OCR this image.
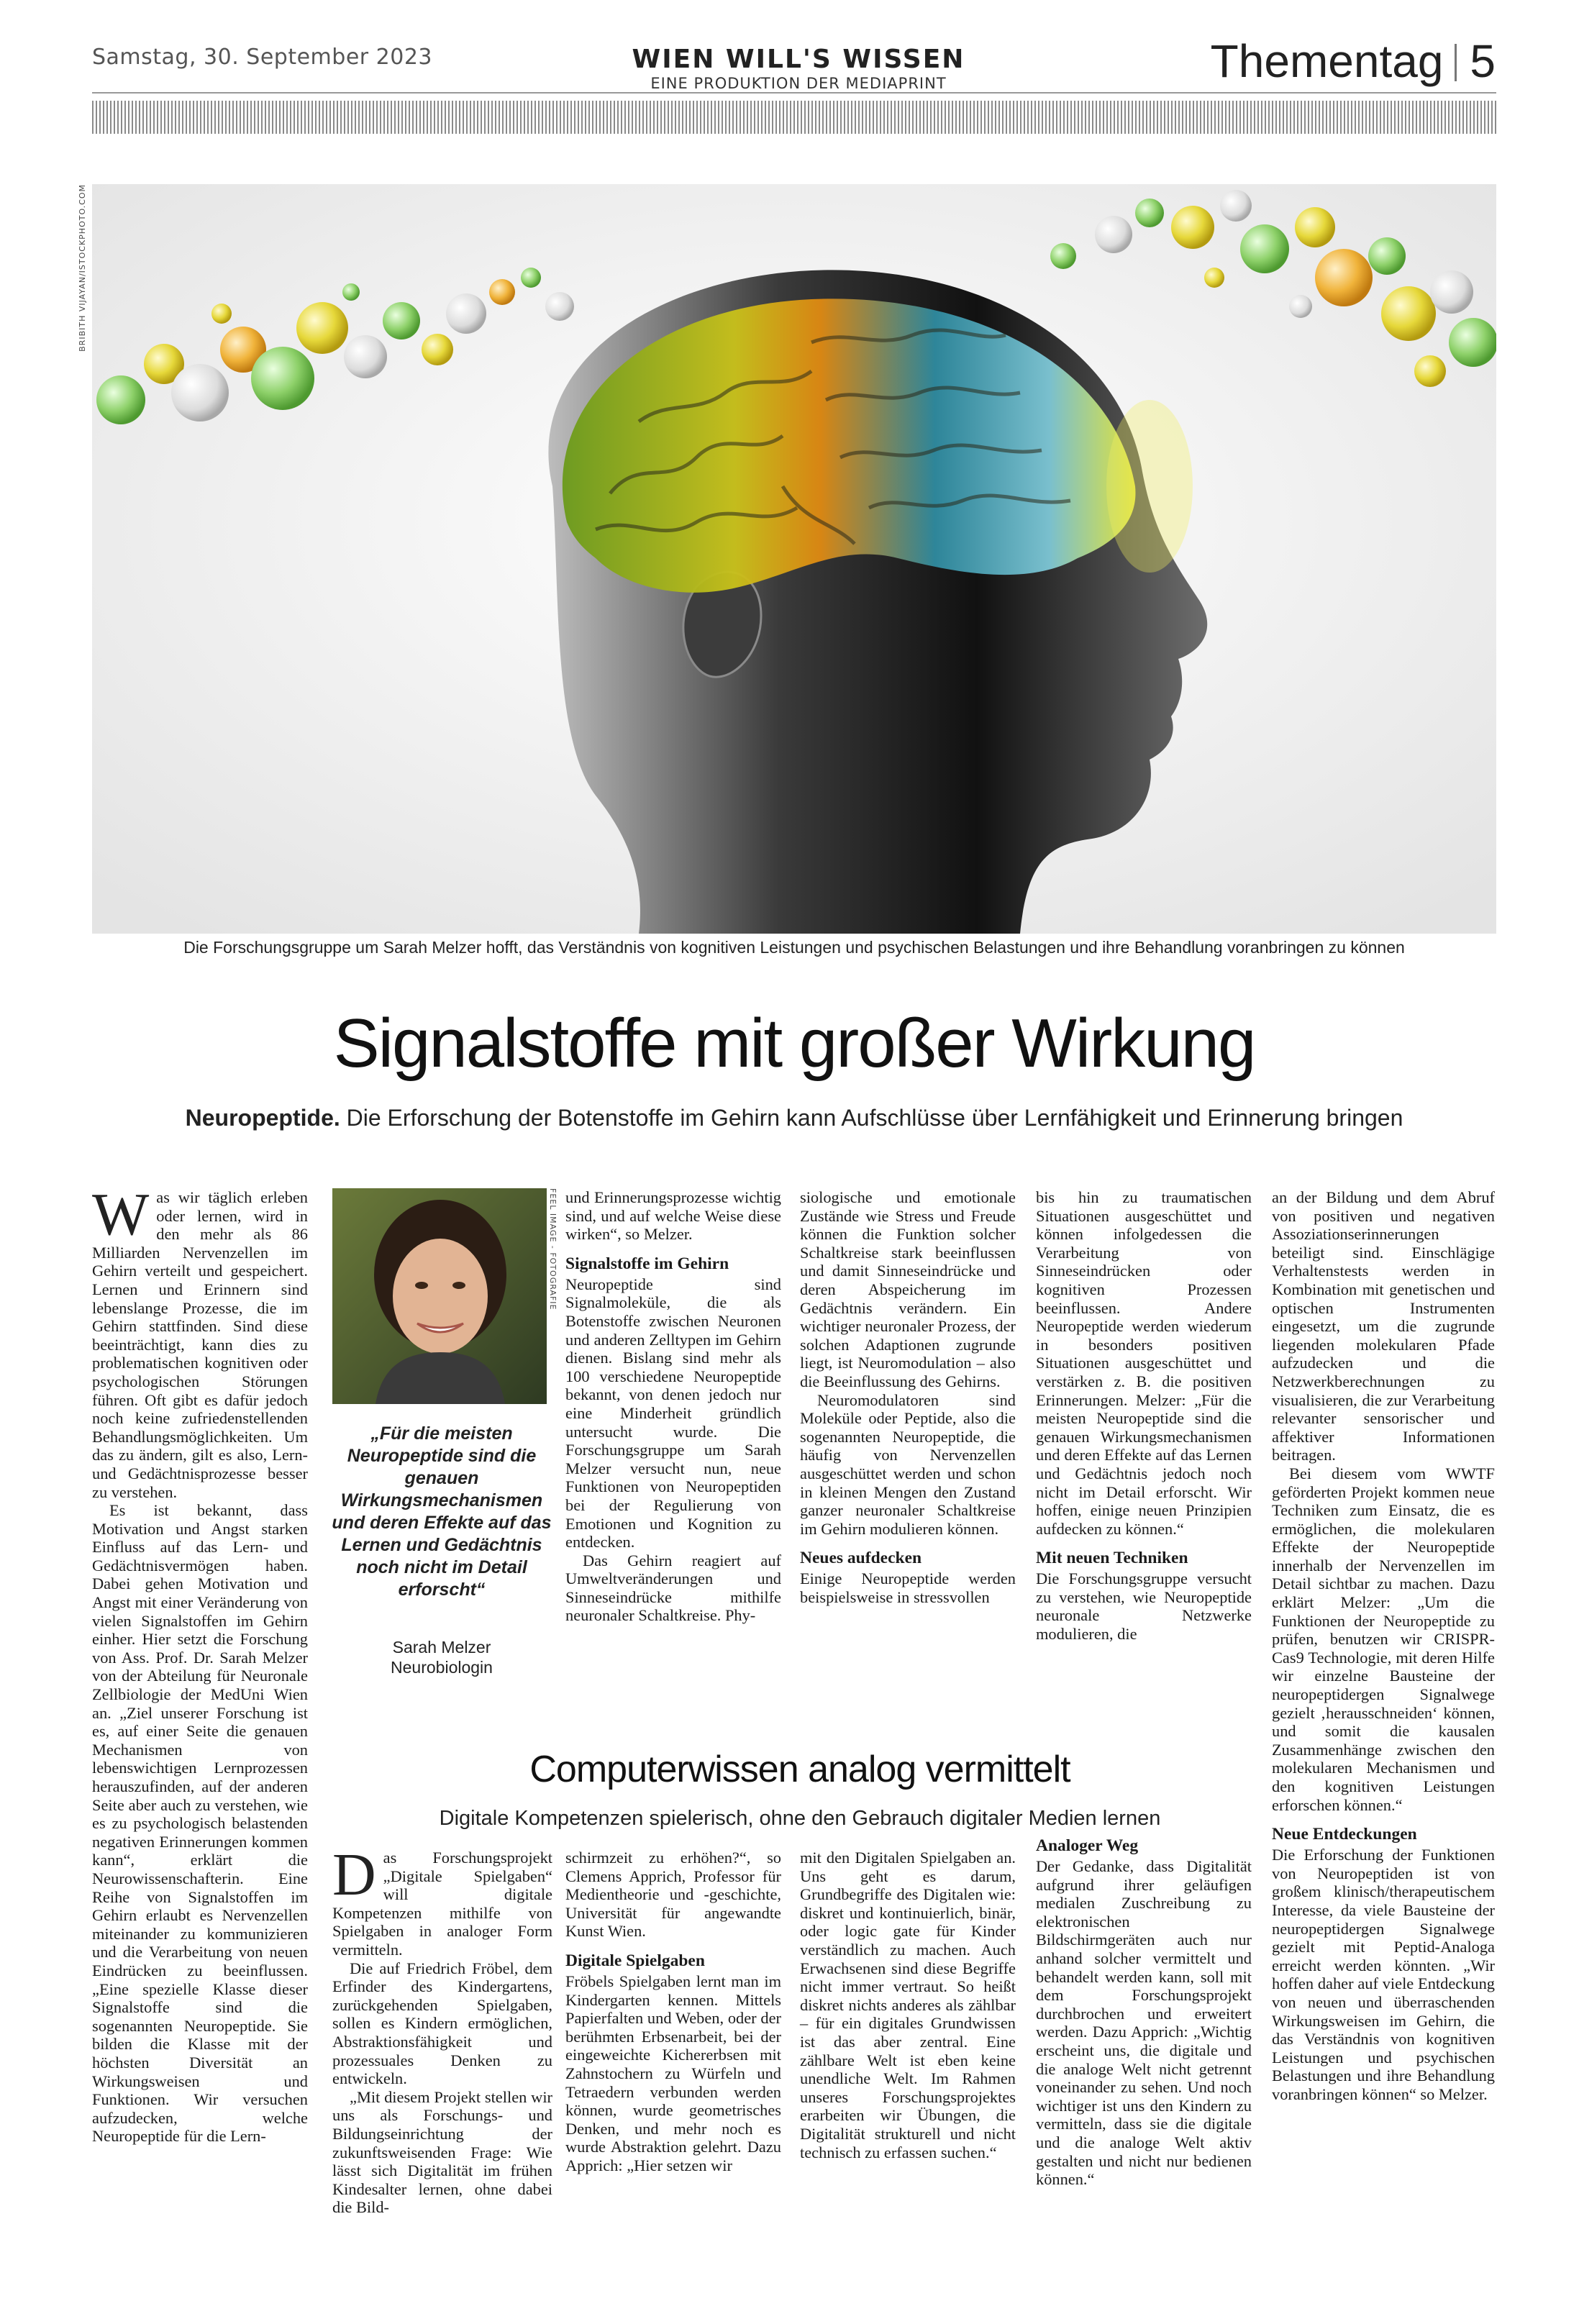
Samstag, 30. September 2023	WIEN WILL'S WISSEN
EINE PRODUKTION DER MEDIAPRINT	Thementag 5
BRIBITH VIJAYAN/ISTOCKPHOTO.COM
Die Forschungsgruppe um Sarah Melzer hofft, das Verständnis von kognitiven Leistungen und psychischen Belastungen und ihre Behandlung voranbringen zu können
Signalstoffe mit großer Wirkung
Neuropeptide. Die Erforschung der Botenstoffe im Gehirn kann Aufschlüsse über Lernfähigkeit und Erinnerung bringen

Was wir täglich erleben oder lernen, wird in den mehr als 86 Milliarden Nervenzellen im Gehirn verteilt und gespeichert. Lernen und Erinnern sind lebenslange Prozesse, die im Gehirn stattfinden. Sind diese beeinträchtigt, kann dies zu problematischen kognitiven oder psychologischen Störungen führen. Oft gibt es dafür jedoch noch keine zufriedenstellenden Behandlungsmöglichkeiten. Um das zu ändern, gilt es also, Lern- und Gedächtnisprozesse besser zu verstehen.

Es ist bekannt, dass Motivation und Angst starken Einfluss auf das Lern- und Gedächtnisvermögen haben. Dabei gehen Motivation und Angst mit einer Veränderung von vielen Signalstoffen im Gehirn einher. Hier setzt die Forschung von Ass. Prof. Dr. Sarah Melzer von der Abteilung für Neuronale Zellbiologie der MedUni Wien an. „Ziel unserer Forschung ist es, auf einer Seite die genauen Mechanismen von lebenswichtigen Lernprozessen herauszufinden, auf der anderen Seite aber auch zu verstehen, wie es zu psychologisch belastenden negativen Erinnerungen kommen kann“, erklärt die Neurowissenschafterin. Eine Reihe von Signalstoffen im Gehirn erlaubt es Nervenzellen miteinander zu kommunizieren und die Verarbeitung von neuen Eindrücken zu beeinflussen. „Eine spezielle Klasse dieser Signalstoffe sind die sogenannten Neuropeptide. Sie bilden die Klasse mit der höchsten Diversität an Wirkungsweisen und Funktionen. Wir versuchen aufzudecken, welche Neuropeptide für die Lern-

FEEL IMAGE - FOTOGRAFIE
„Für die meisten Neuropeptide sind die genauen Wirkungsmechanismen und deren Effekte auf das Lernen und Gedächtnis noch nicht im Detail erforscht“
Sarah Melzer
Neurobiologin

und Erinnerungsprozesse wichtig sind, und auf welche Weise diese wirken“, so Melzer.

Signalstoffe im Gehirn

Neuropeptide sind Signalmoleküle, die als Botenstoffe zwischen Neuronen und anderen Zelltypen im Gehirn dienen. Bislang sind mehr als 100 verschiedene Neuropeptide bekannt, von denen jedoch nur eine Minderheit gründlich untersucht wurde. Die Forschungsgruppe um Sarah Melzer versucht nun, neue Funktionen von Neuropeptiden bei der Regulierung von Emotionen und Kognition zu entdecken.

Das Gehirn reagiert auf Umweltveränderungen und Sinneseindrücke mithilfe neuronaler Schaltkreise. Phy-

siologische und emotionale Zustände wie Stress und Freude können die Funktion solcher Schaltkreise stark beeinflussen und damit Sinneseindrücke und deren Abspeicherung im Gedächtnis verändern. Ein wichtiger neuronaler Prozess, der solchen Adaptionen zugrunde liegt, ist Neuromodulation – also die Beeinflussung des Gehirns.

Neuromodulatoren sind Moleküle oder Peptide, also die sogenannten Neuropeptide, die häufig von Nervenzellen ausgeschüttet werden und schon in kleinen Mengen den Zustand ganzer neuronaler Schaltkreise im Gehirn modulieren können.

Neues aufdecken

Einige Neuropeptide werden beispielsweise in stressvollen

bis hin zu traumatischen Situationen ausgeschüttet und können infolgedessen die Verarbeitung von Sinneseindrücken oder kognitiven Prozessen beeinflussen. Andere Neuropeptide werden wiederum in besonders positiven Situationen ausgeschüttet und verstärken z. B. die positiven Erinnerungen. Melzer: „Für die meisten Neuropeptide sind die genauen Wirkungsmechanismen und deren Effekte auf das Lernen und Gedächtnis jedoch noch nicht im Detail erforscht. Wir hoffen, einige neuen Prinzipien aufdecken zu können.“

Mit neuen Techniken

Die Forschungsgruppe versucht zu verstehen, wie Neuropeptide neuronale Netzwerke modulieren, die

an der Bildung und dem Abruf von positiven und negativen Assoziationserinnerungen beteiligt sind. Einschlägige Verhaltenstests werden in Kombination mit genetischen und optischen Instrumenten eingesetzt, um die zugrunde liegenden molekularen Pfade aufzudecken und die Netzwerkberechnungen zu visualisieren, die zur Verarbeitung relevanter sensorischer und affektiver Informationen beitragen.

Bei diesem vom WWTF geförderten Projekt kommen neue Techniken zum Einsatz, die es ermöglichen, die molekularen Effekte der Neuropeptide innerhalb der Nervenzellen im Detail sichtbar zu machen. Dazu erklärt Melzer: „Um die Funktionen der Neuropeptide zu prüfen, benutzen wir CRISPR-Cas9 Technologie, mit deren Hilfe wir einzelne Bausteine der neuropeptidergen Signalwege gezielt ‚herausschneiden‘ können, und somit die kausalen Zusammenhänge zwischen den molekularen Mechanismen und den kognitiven Leistungen erforschen können.“

Neue Entdeckungen

Die Erforschung der Funktionen von Neuropeptiden ist von großem klinisch/therapeutischem Interesse, da viele Bausteine der neuropeptidergen Signalwege gezielt mit Peptid-Analoga erreicht werden könnten. „Wir hoffen daher auf viele Entdeckung von neuen und überraschenden Wirkungsweisen im Gehirn, die das Verständnis von kognitiven Leistungen und psychischen Belastungen und ihre Behandlung voranbringen können“ so Melzer.

Computerwissen analog vermittelt
Digitale Kompetenzen spielerisch, ohne den Gebrauch digitaler Medien lernen

Das Forschungsprojekt „Digitale Spielgaben“ will digitale Kompetenzen mithilfe von Spielgaben in analoger Form vermitteln.

Die auf Friedrich Fröbel, dem Erfinder des Kindergartens, zurückgehenden Spielgaben, sollen es Kindern ermöglichen, Abstraktionsfähigkeit und prozessuales Denken zu entwickeln.

„Mit diesem Projekt stellen wir uns als Forschungs- und Bildungseinrichtung der zukunftsweisenden Frage: Wie lässt sich Digitalität im frühen Kindesalter lernen, ohne dabei die Bild-

schirmzeit zu erhöhen?“, so Clemens Apprich, Professor für Medientheorie und -geschichte, Universität für angewandte Kunst Wien.

Digitale Spielgaben

Fröbels Spielgaben lernt man im Kindergarten kennen. Mittels Papierfalten und Weben, oder der berühmten Erbsenarbeit, bei der eingeweichte Kichererbsen mit Zahnstochern zu Würfeln und Tetraedern verbunden werden können, wurde geometrisches Denken, und mehr noch es wurde Abstraktion gelehrt. Dazu Apprich: „Hier setzen wir

mit den Digitalen Spielgaben an. Uns geht es darum, Grundbegriffe des Digitalen wie: diskret und kontinuierlich, binär, oder logic gate für Kinder verständlich zu machen. Auch Erwachsenen sind diese Begriffe nicht immer vertraut. So heißt diskret nichts anderes als zählbar – für ein digitales Grundwissen ist das aber zentral. Eine zählbare Welt ist eben keine unendliche Welt. Im Rahmen unseres Forschungsprojektes erarbeiten wir Übungen, die Digitalität strukturell und nicht technisch zu erfassen suchen.“

Analoger Weg

Der Gedanke, dass Digitalität aufgrund ihrer geläufigen medialen Zuschreibung zu elektronischen Bildschirmgeräten auch nur anhand solcher vermittelt und behandelt werden kann, soll mit dem Forschungsprojekt durchbrochen und erweitert werden. Dazu Apprich: „Wichtig erscheint uns, die digitale und die analoge Welt nicht getrennt voneinander zu sehen. Und noch wichtiger ist uns den Kindern zu vermitteln, dass sie die digitale und die analoge Welt aktiv gestalten und nicht nur bedienen können.“
